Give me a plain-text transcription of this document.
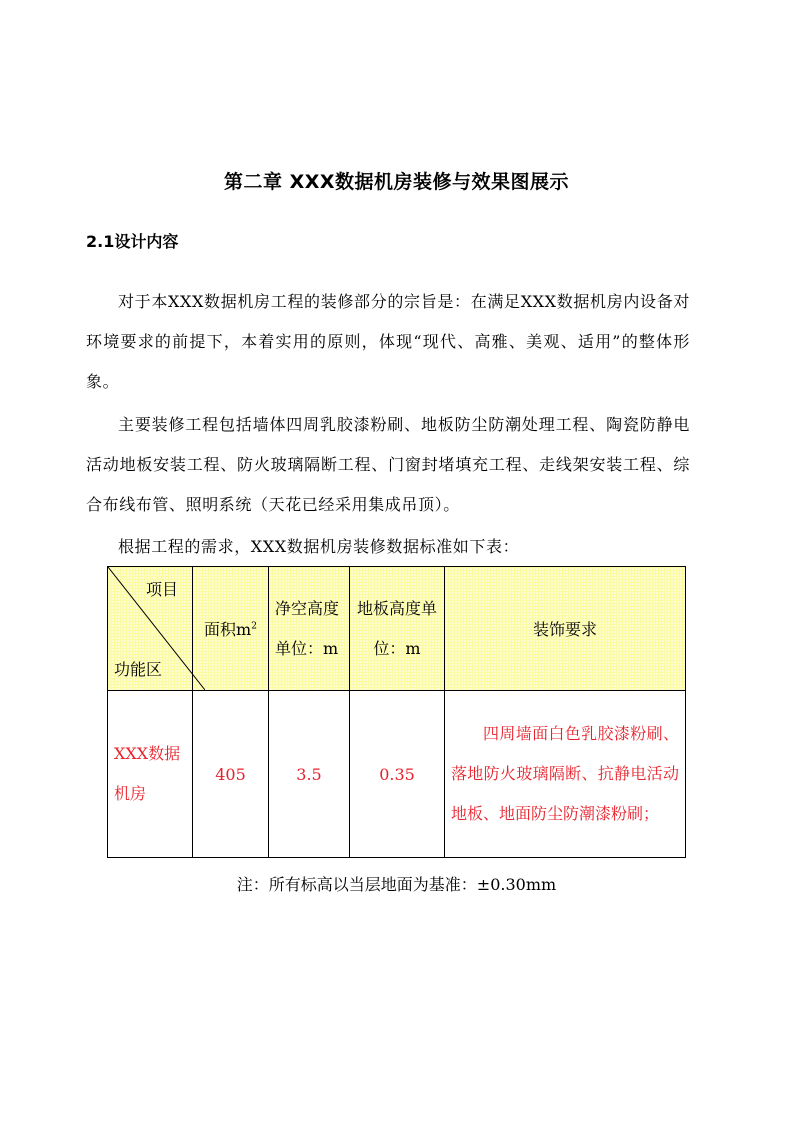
第二章 XXX数据机房装修与效果图展示
2.1设计内容
对于本XXX数据机房工程的装修部分的宗旨是：在满足XXX数据机房内设备对环境要求的前提下，本着实用的原则，体现“现代、高雅、美观、适用”的整体形象。
主要装修工程包括墙体四周乳胶漆粉刷、地板防尘防潮处理工程、陶瓷防静电活动地板安装工程、防火玻璃隔断工程、门窗封堵填充工程、走线架安装工程、综合布线布管、照明系统（天花已经采用集成吊顶）。
根据工程的需求，XXX数据机房装修数据标准如下表：
项目
功能区	面积$m^2$	净空高度单位：m	地板高度单位：m	装饰要求
XXX数据机房	405	3.5	0.35	四周墙面白色乳胶漆粉刷、落地防火玻璃隔断、抗静电活动地板、地面防尘防潮漆粉刷；
注：所有标高以当层地面为基准：±0.30mm
